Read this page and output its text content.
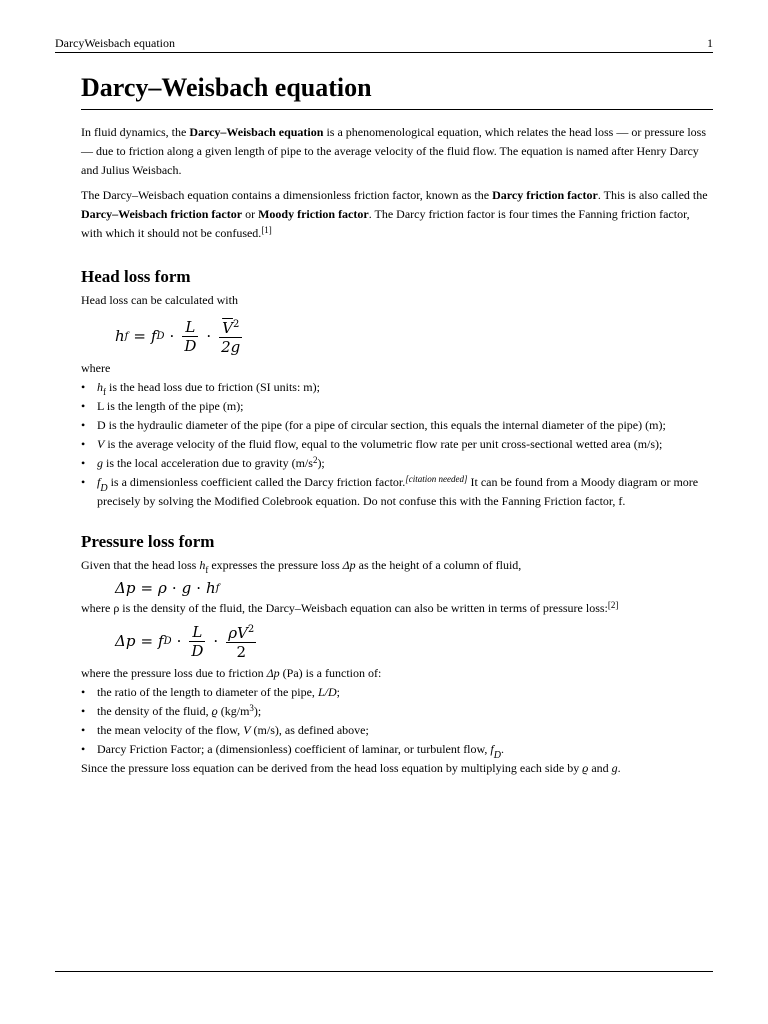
DarcyWeisbach equation	1
Darcy–Weisbach equation

In fluid dynamics, the Darcy–Weisbach equation is a phenomenological equation, which relates the head loss — or pressure loss — due to friction along a given length of pipe to the average velocity of the fluid flow. The equation is named after Henry Darcy and Julius Weisbach.

The Darcy–Weisbach equation contains a dimensionless friction factor, known as the Darcy friction factor. This is also called the Darcy–Weisbach friction factor or Moody friction factor. The Darcy friction factor is four times the Fanning friction factor, with which it should not be confused.[1]

Head loss form

Head loss can be calculated with

h f = f $D \cdot \frac{L}{D} \cdot \frac{\overline{V}^2}{2g}$

where

• $h_f$ is the head loss due to friction (SI units: m);
• L is the length of the pipe (m);
• D is the hydraulic diameter of the pipe (for a pipe of circular section, this equals the internal diameter of the pipe) (m);
• V is the average velocity of the fluid flow, equal to the volumetric flow rate per unit cross-sectional wetted area (m/s);
• g is the local acceleration due to gravity $(m/s^2)$;
• $f_D$ is a dimensionless coefficient called the Darcy friction factor.[citation needed] It can be found from a Moody diagram or more precisely by solving the Modified Colebrook equation. Do not confuse this with the Fanning Friction factor, f.
Pressure loss form

Given that the head loss $h_f$ expresses the pressure loss Δp as the height of a column of fluid,

Δp = ρ · g · h f

where ρ is the density of the fluid, the Darcy–Weisbach equation can also be written in terms of pressure loss:[2]

Δp = f $D \cdot \frac{L}{D} \cdot \frac{\rho V^2}{2}$

where the pressure loss due to friction Δp (Pa) is a function of:

• the ratio of the length to diameter of the pipe, L/D;
• the density of the fluid, ϱ $(kg/m^3)$;
• the mean velocity of the flow, V (m/s), as defined above;
• Darcy Friction Factor; a (dimensionless) coefficient of laminar, or turbulent flow, $f_D$.

Since the pressure loss equation can be derived from the head loss equation by multiplying each side by ϱ and g.
